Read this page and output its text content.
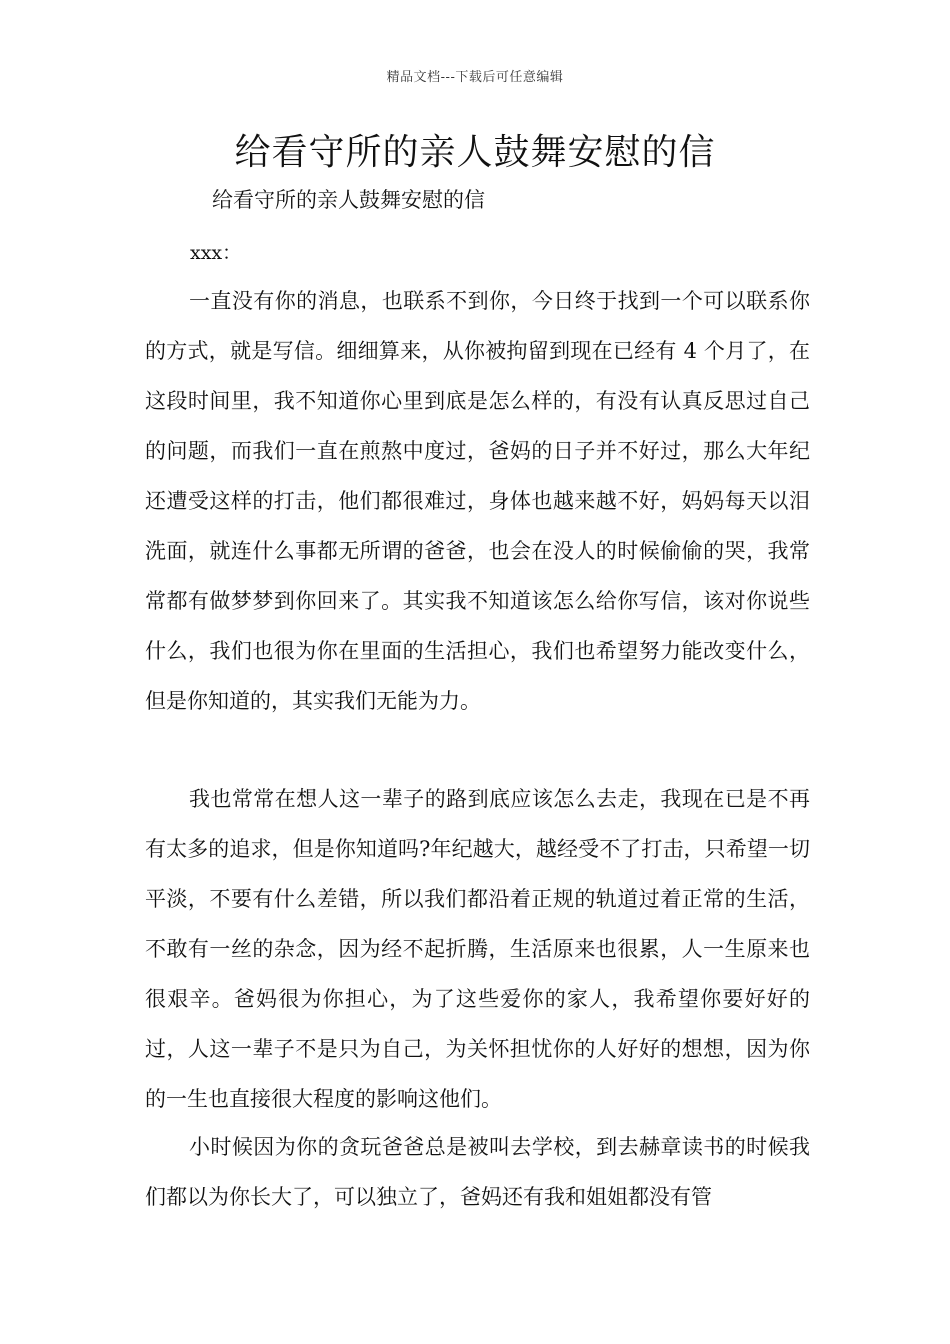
精品文档---下载后可任意编辑
给看守所的亲人鼓舞安慰的信
给看守所的亲人鼓舞安慰的信
xxx：

一直没有你的消息，也联系不到你，今日终于找到一个可以联系你的方式，就是写信。细细算来，从你被拘留到现在已经有 4 个月了，在这段时间里，我不知道你心里到底是怎么样的，有没有认真反思过自己的问题，而我们一直在煎熬中度过，爸妈的日子并不好过，那么大年纪还遭受这样的打击，他们都很难过，身体也越来越不好，妈妈每天以泪洗面，就连什么事都无所谓的爸爸，也会在没人的时候偷偷的哭，我常常都有做梦梦到你回来了。其实我不知道该怎么给你写信，该对你说些什么，我们也很为你在里面的生活担心，我们也希望努力能改变什么，但是你知道的，其实我们无能为力。

我也常常在想人这一辈子的路到底应该怎么去走，我现在已是不再有太多的追求，但是你知道吗?年纪越大，越经受不了打击，只希望一切平淡，不要有什么差错，所以我们都沿着正规的轨道过着正常的生活，不敢有一丝的杂念，因为经不起折腾，生活原来也很累，人一生原来也很艰辛。爸妈很为你担心，为了这些爱你的家人，我希望你要好好的过，人这一辈子不是只为自己，为关怀担忧你的人好好的想想，因为你的一生也直接很大程度的影响这他们。

小时候因为你的贪玩爸爸总是被叫去学校，到去赫章读书的时候我们都以为你长大了，可以独立了，爸妈还有我和姐姐都没有管
